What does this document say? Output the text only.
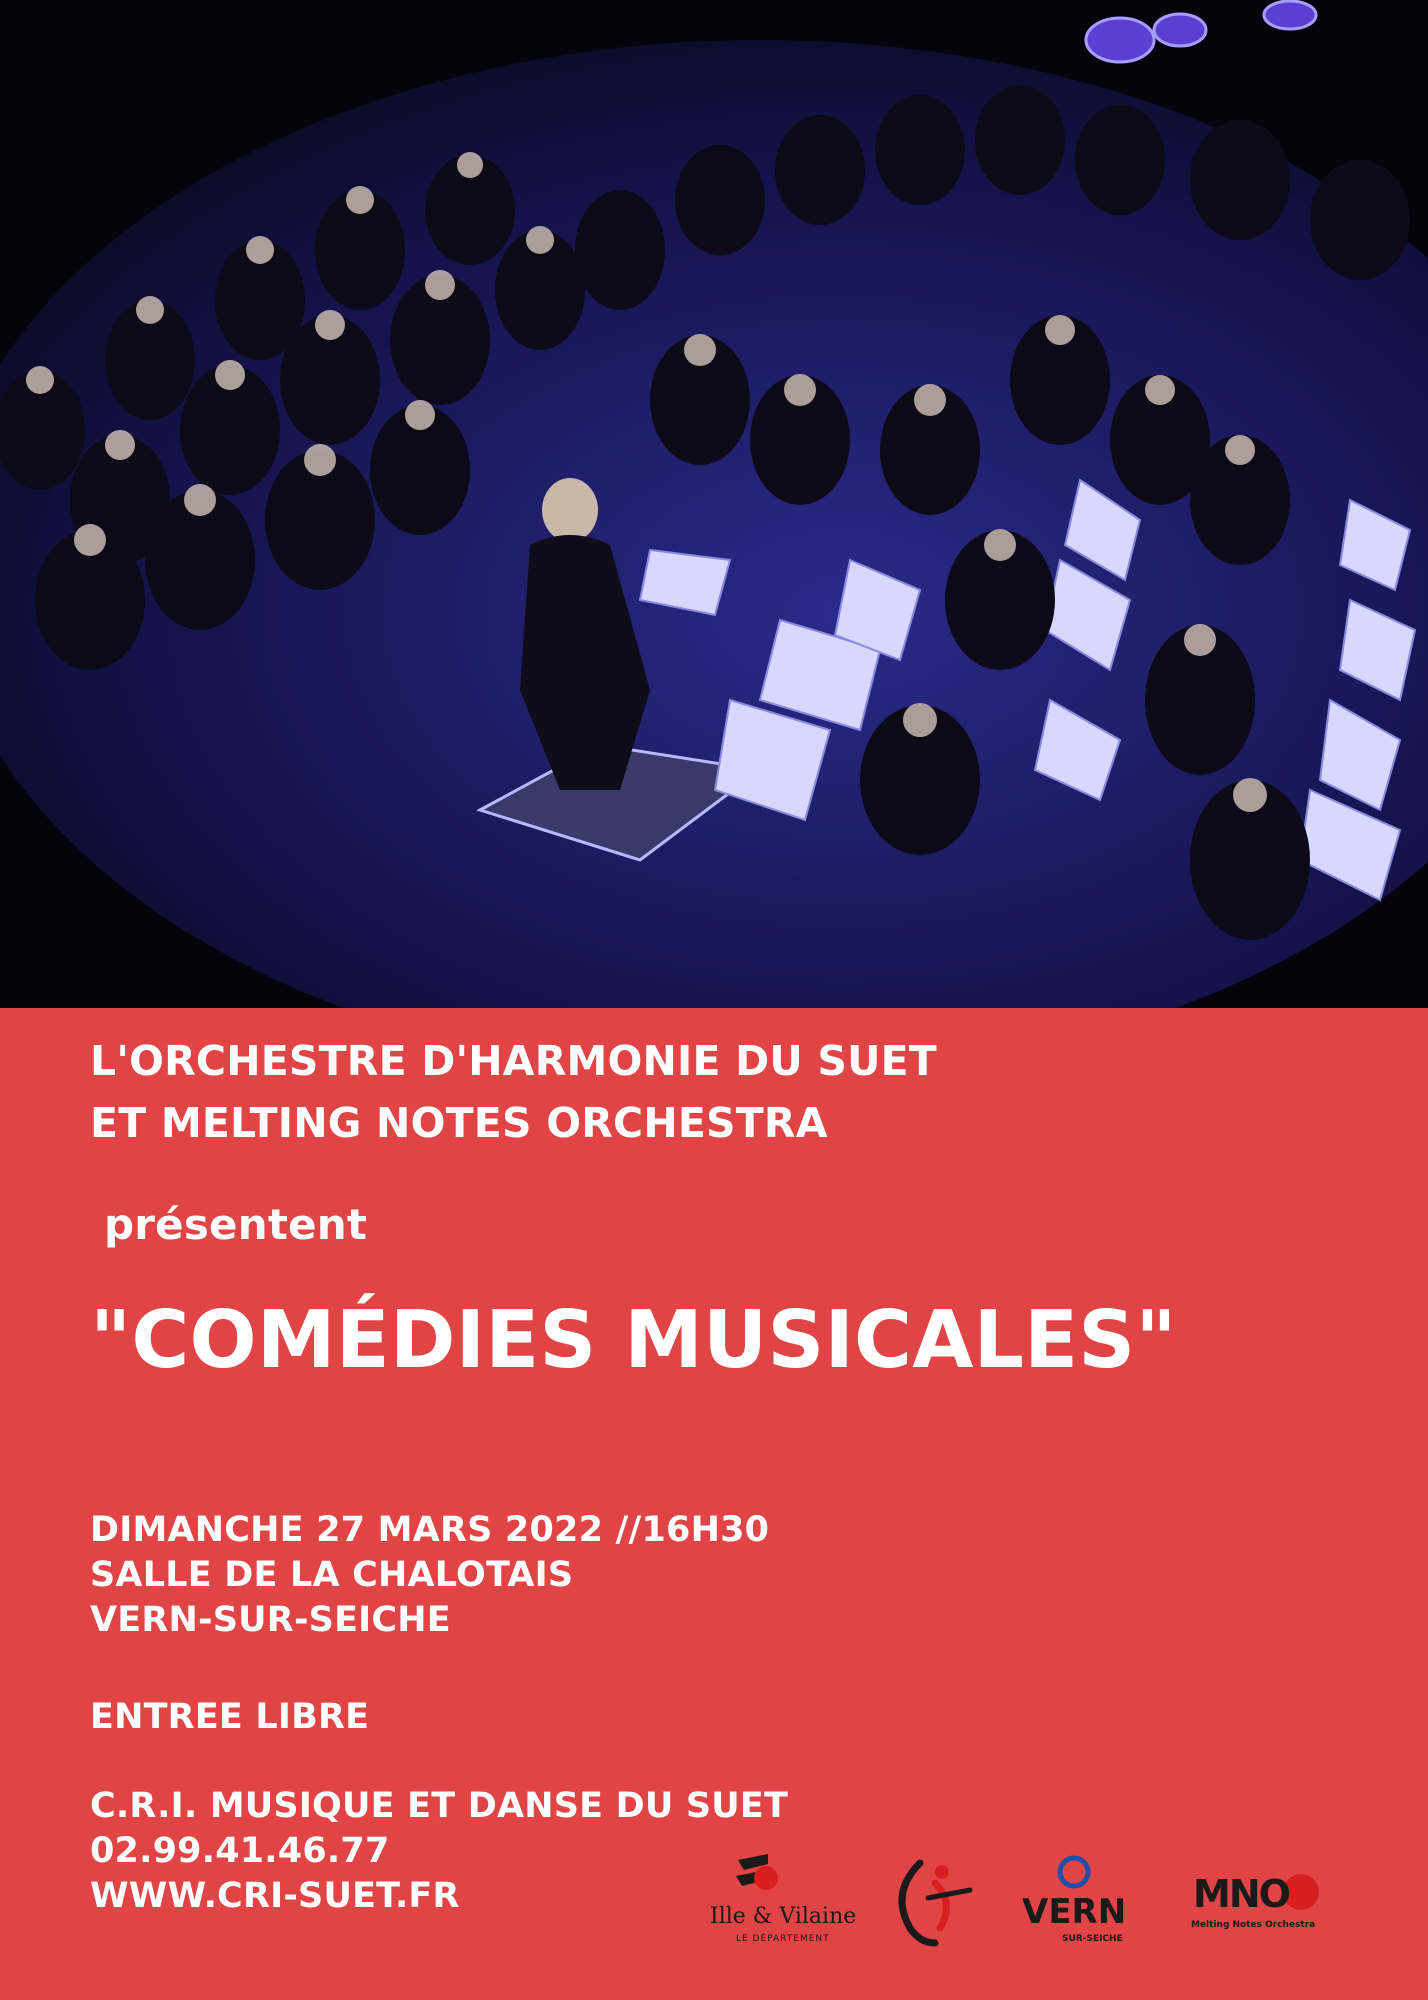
L'ORCHESTRE D'HARMONIE DU SUET
ET MELTING NOTES ORCHESTRA
présentent
"COMÉDIES MUSICALES"
DIMANCHE 27 MARS 2022 //16H30
SALLE DE LA CHALOTAIS
VERN-SUR-SEICHE
ENTREE LIBRE
C.R.I. MUSIQUE ET DANSE DU SUET
02.99.41.46.77
WWW.CRI-SUET.FR
Ille & Vilaine
LE DÉPARTEMENT
VERN
SUR-SEICHE
MNO
Melting Notes Orchestra
